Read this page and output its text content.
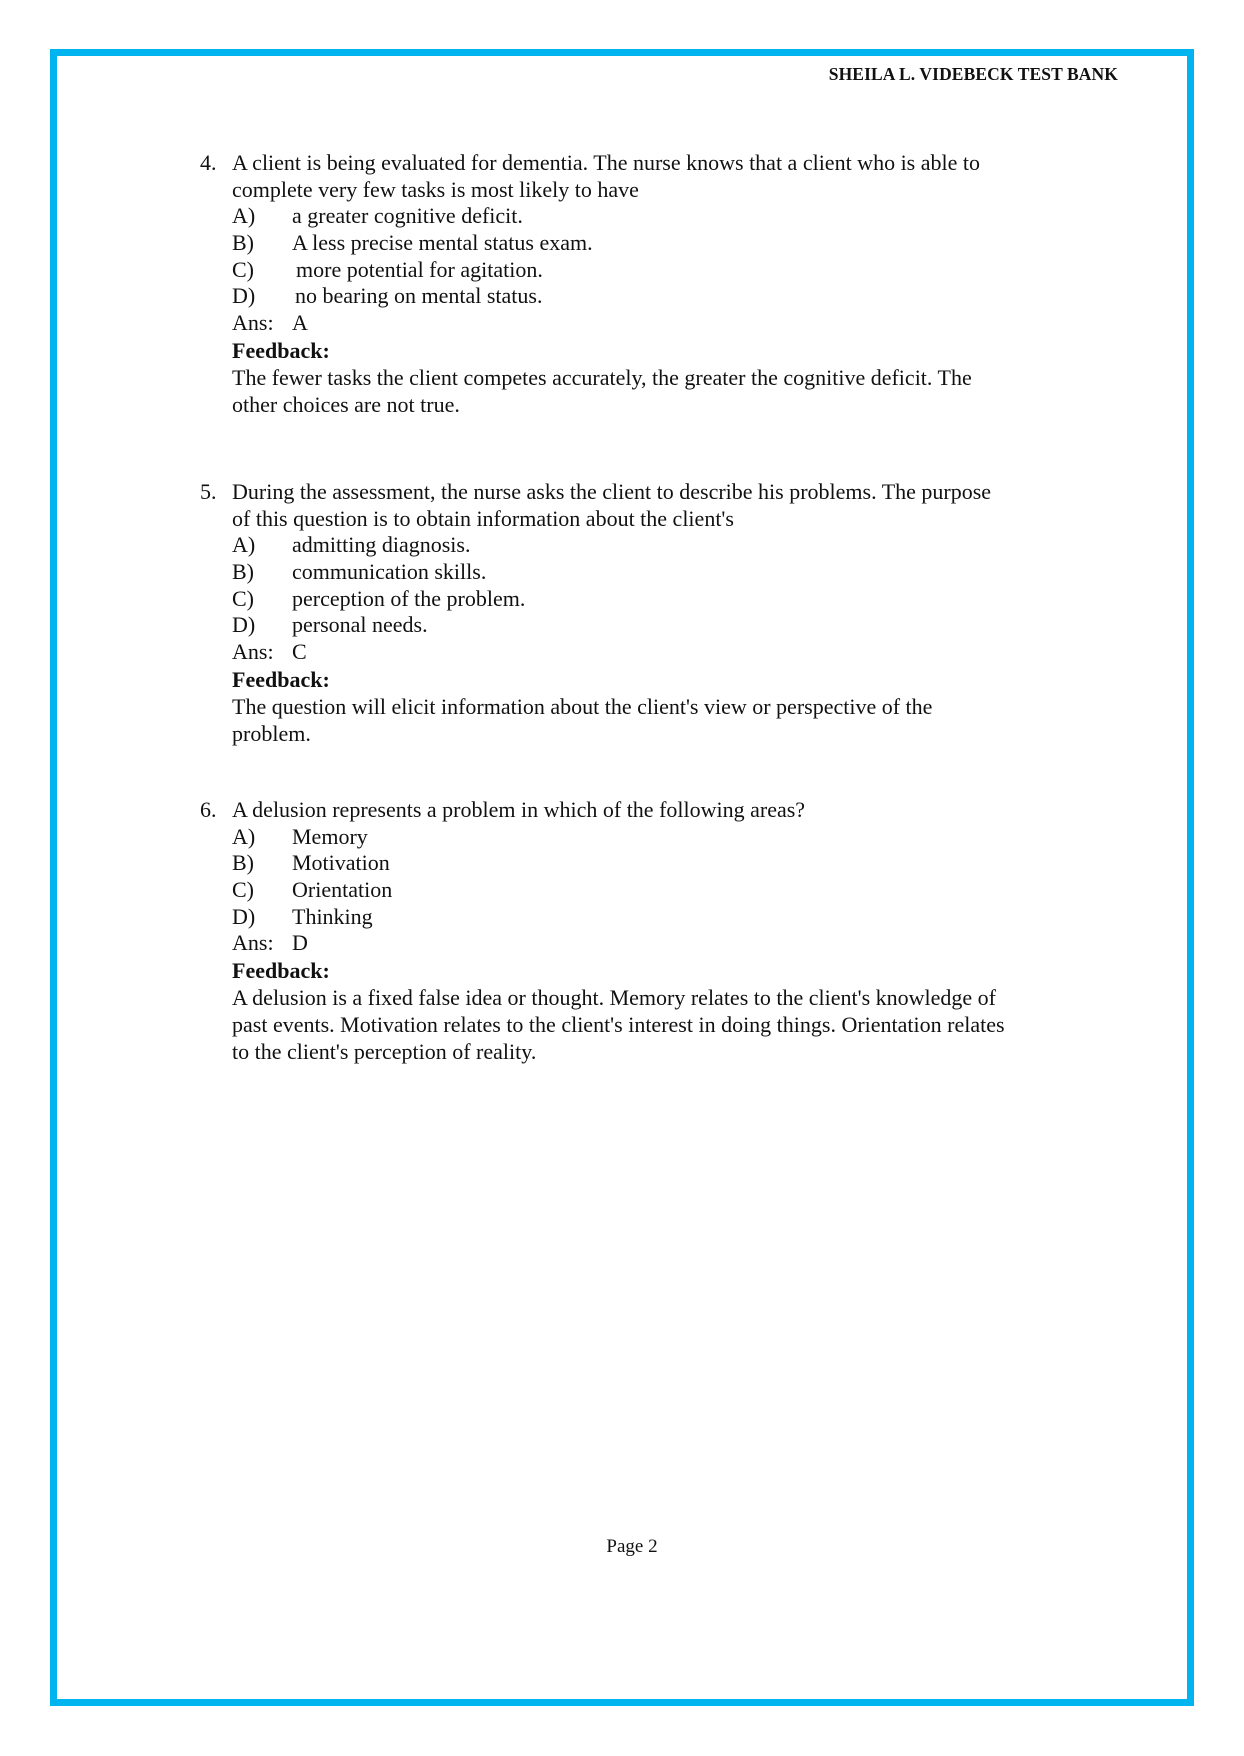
SHEILA L. VIDEBECK TEST BANK
4. A client is being evaluated for dementia. The nurse knows that a client who is able to
complete very few tasks is most likely to have
A) a greater cognitive deficit.
B) A less precise mental status exam.
C) more potential for agitation.
D) no bearing on mental status.
Ans: A
Feedback:
The fewer tasks the client competes accurately, the greater the cognitive deficit. The
other choices are not true.
5. During the assessment, the nurse asks the client to describe his problems. The purpose
of this question is to obtain information about the client's
A) admitting diagnosis.
B) communication skills.
C) perception of the problem.
D) personal needs.
Ans: C
Feedback:
The question will elicit information about the client's view or perspective of the
problem.
6. A delusion represents a problem in which of the following areas?
A) Memory
B) Motivation
C) Orientation
D) Thinking
Ans: D
Feedback:
A delusion is a fixed false idea or thought. Memory relates to the client's knowledge of
past events. Motivation relates to the client's interest in doing things. Orientation relates
to the client's perception of reality.
Page 2
